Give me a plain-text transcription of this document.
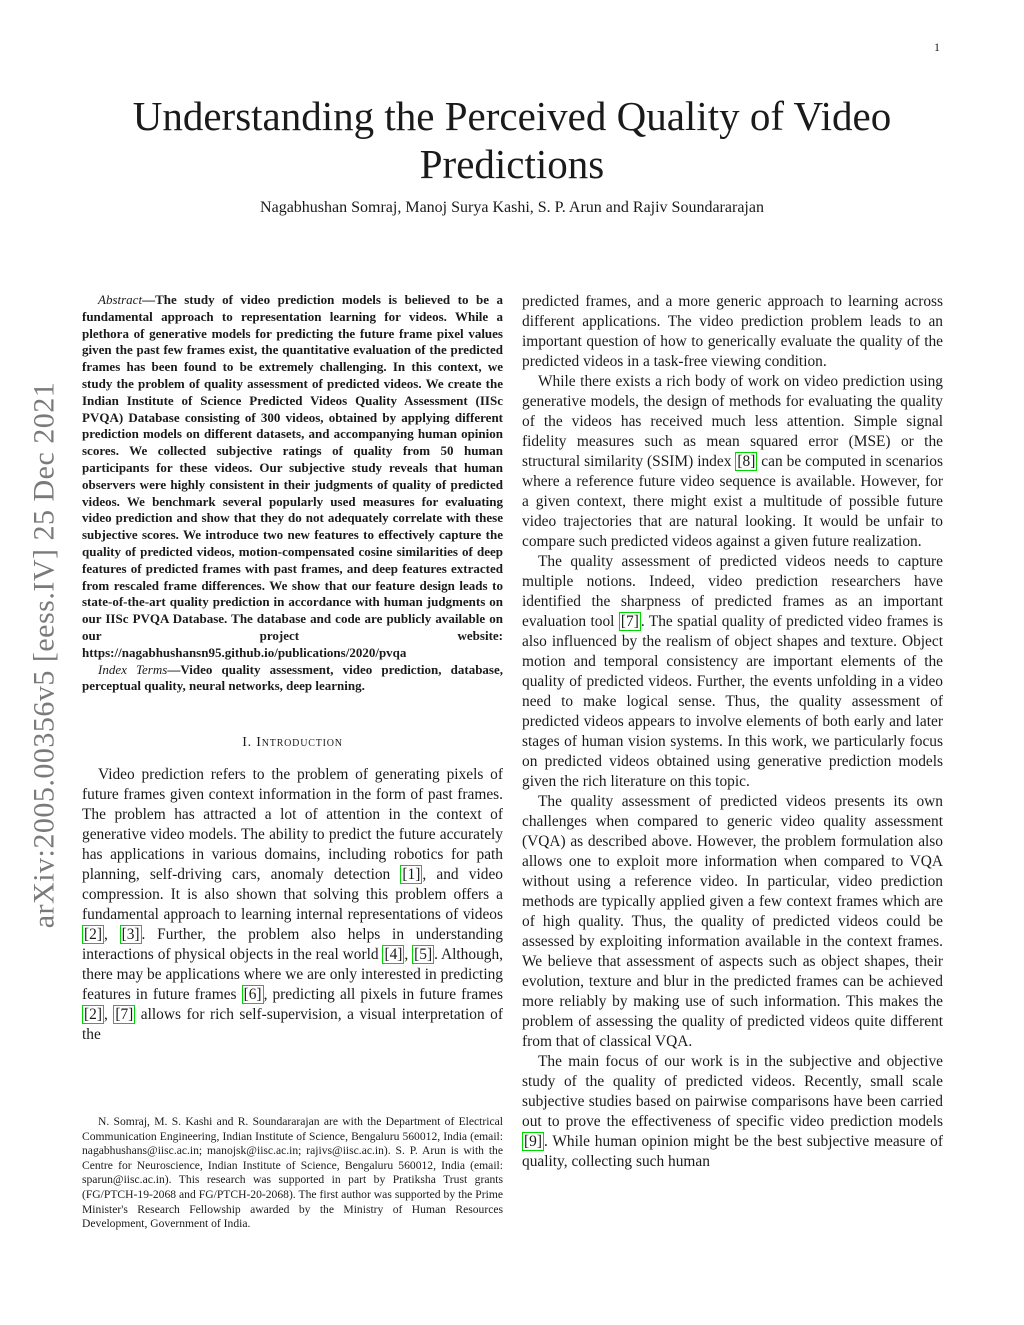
1
arXiv:2005.00356v5 [eess.IV] 25 Dec 2021
Understanding the Perceived Quality of Video Predictions
Nagabhushan Somraj, Manoj Surya Kashi, S. P. Arun and Rajiv Soundararajan

Abstract—The study of video prediction models is believed to be a fundamental approach to representation learning for videos. While a plethora of generative models for predicting the future frame pixel values given the past few frames exist, the quantitative evaluation of the predicted frames has been found to be extremely challenging. In this context, we study the problem of quality assessment of predicted videos. We create the Indian Institute of Science Predicted Videos Quality Assessment (IISc PVQA) Database consisting of 300 videos, obtained by applying different prediction models on different datasets, and accompanying human opinion scores. We collected subjective ratings of quality from 50 human participants for these videos. Our subjective study reveals that human observers were highly consistent in their judgments of quality of predicted videos. We benchmark several popularly used measures for evaluating video prediction and show that they do not adequately correlate with these subjective scores. We introduce two new features to effectively capture the quality of predicted videos, motion-compensated cosine similarities of deep features of predicted frames with past frames, and deep features extracted from rescaled frame differences. We show that our feature design leads to state-of-the-art quality prediction in accordance with human judgments on our IISc PVQA Database. The database and code are publicly available on our project website: https://nagabhushansn95.github.io/publications/2020/pvqa

Index Terms—Video quality assessment, video prediction, database, perceptual quality, neural networks, deep learning.

I. Introduction

Video prediction refers to the problem of generating pixels of future frames given context information in the form of past frames. The problem has attracted a lot of attention in the context of generative video models. The ability to predict the future accurately has applications in various domains, including robotics for path planning, self-driving cars, anomaly detection [1] , and video compression. It is also shown that solving this problem offers a fundamental approach to learning internal representations of videos [2] , [3] . Further, the problem also helps in understanding interactions of physical objects in the real world [4] , [5] . Although, there may be applications where we are only interested in predicting features in future frames [6] , predicting all pixels in future frames [2] , [7] allows for rich self-supervision, a visual interpretation of the

N. Somraj, M. S. Kashi and R. Soundararajan are with the Department of Electrical Communication Engineering, Indian Institute of Science, Bengaluru 560012, India (email: nagabhushans@iisc.ac.in; manojsk@iisc.ac.in; rajivs@iisc.ac.in). S. P. Arun is with the Centre for Neuroscience, Indian Institute of Science, Bengaluru 560012, India (email: sparun@iisc.ac.in). This research was supported in part by Pratiksha Trust grants (FG/PTCH-19-2068 and FG/PTCH-20-2068). The first author was supported by the Prime Minister's Research Fellowship awarded by the Ministry of Human Resources Development, Government of India.

predicted frames, and a more generic approach to learning across different applications. The video prediction problem leads to an important question of how to generically evaluate the quality of the predicted videos in a task-free viewing condition.

While there exists a rich body of work on video prediction using generative models, the design of methods for evaluating the quality of the videos has received much less attention. Simple signal fidelity measures such as mean squared error (MSE) or the structural similarity (SSIM) index [8] can be computed in scenarios where a reference future video sequence is available. However, for a given context, there might exist a multitude of possible future video trajectories that are natural looking. It would be unfair to compare such predicted videos against a given future realization.

The quality assessment of predicted videos needs to capture multiple notions. Indeed, video prediction researchers have identified the sharpness of predicted frames as an important evaluation tool [7] . The spatial quality of predicted video frames is also influenced by the realism of object shapes and texture. Object motion and temporal consistency are important elements of the quality of predicted videos. Further, the events unfolding in a video need to make logical sense. Thus, the quality assessment of predicted videos appears to involve elements of both early and later stages of human vision systems. In this work, we particularly focus on predicted videos obtained using generative prediction models given the rich literature on this topic.

The quality assessment of predicted videos presents its own challenges when compared to generic video quality assessment (VQA) as described above. However, the problem formulation also allows one to exploit more information when compared to VQA without using a reference video. In particular, video prediction methods are typically applied given a few context frames which are of high quality. Thus, the quality of predicted videos could be assessed by exploiting information available in the context frames. We believe that assessment of aspects such as object shapes, their evolution, texture and blur in the predicted frames can be achieved more reliably by making use of such information. This makes the problem of assessing the quality of predicted videos quite different from that of classical VQA.

The main focus of our work is in the subjective and objective study of the quality of predicted videos. Recently, small scale subjective studies based on pairwise comparisons have been carried out to prove the effectiveness of specific video prediction models [9] . While human opinion might be the best subjective measure of quality, collecting such human
